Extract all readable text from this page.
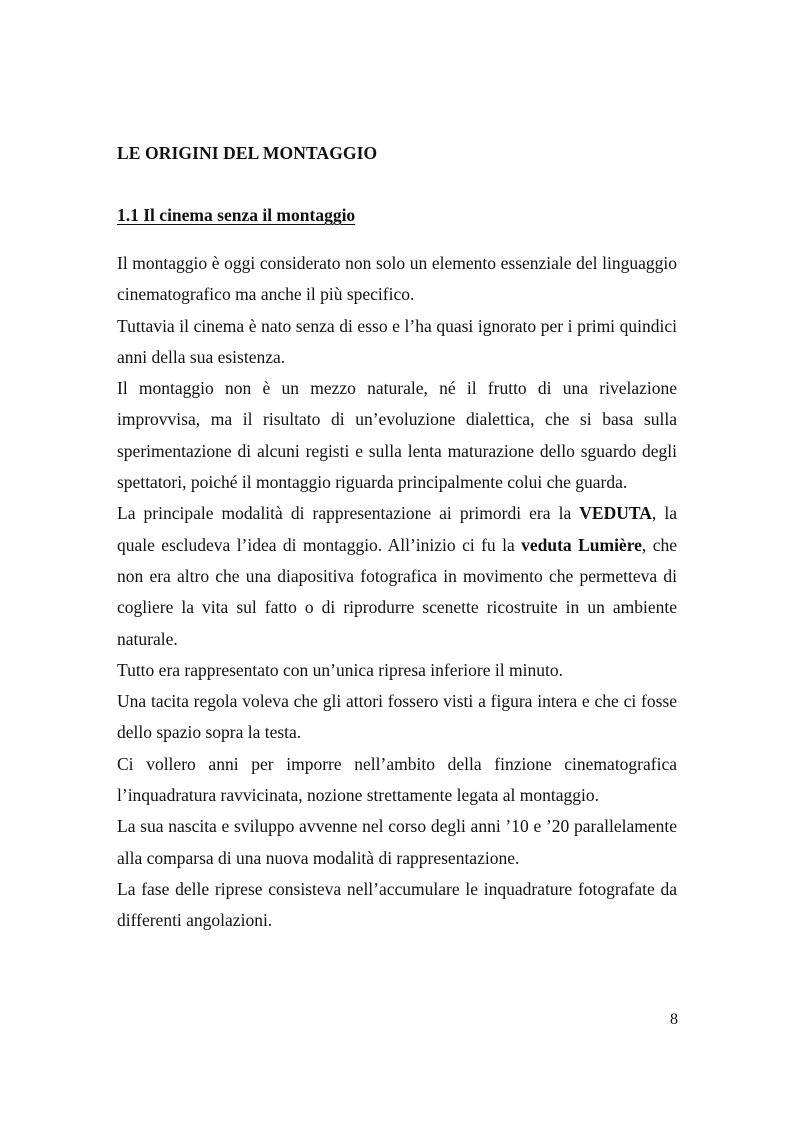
LE ORIGINI DEL MONTAGGIO
1.1 Il cinema senza il montaggio

Il montaggio è oggi considerato non solo un elemento essenziale del linguaggio cinematografico ma anche il più specifico.

Tuttavia il cinema è nato senza di esso e l’ha quasi ignorato per i primi quindici anni della sua esistenza.

Il montaggio non è un mezzo naturale, né il frutto di una rivelazione improvvisa, ma il risultato di un’evoluzione dialettica, che si basa sulla sperimentazione di alcuni registi e sulla lenta maturazione dello sguardo degli spettatori, poiché il montaggio riguarda principalmente colui che guarda.

La principale modalità di rappresentazione ai primordi era la VEDUTA, la quale escludeva l’idea di montaggio. All’inizio ci fu la veduta Lumière, che non era altro che una diapositiva fotografica in movimento che permetteva di cogliere la vita sul fatto o di riprodurre scenette ricostruite in un ambiente naturale.

Tutto era rappresentato con un’unica ripresa inferiore il minuto.

Una tacita regola voleva che gli attori fossero visti a figura intera e che ci fosse dello spazio sopra la testa.

Ci vollero anni per imporre nell’ambito della finzione cinematografica l’inquadratura ravvicinata, nozione strettamente legata al montaggio.

La sua nascita e sviluppo avvenne nel corso degli anni ’10 e ’20 parallelamente alla comparsa di una nuova modalità di rappresentazione.

La fase delle riprese consisteva nell’accumulare le inquadrature fotografate da differenti angolazioni.

8
